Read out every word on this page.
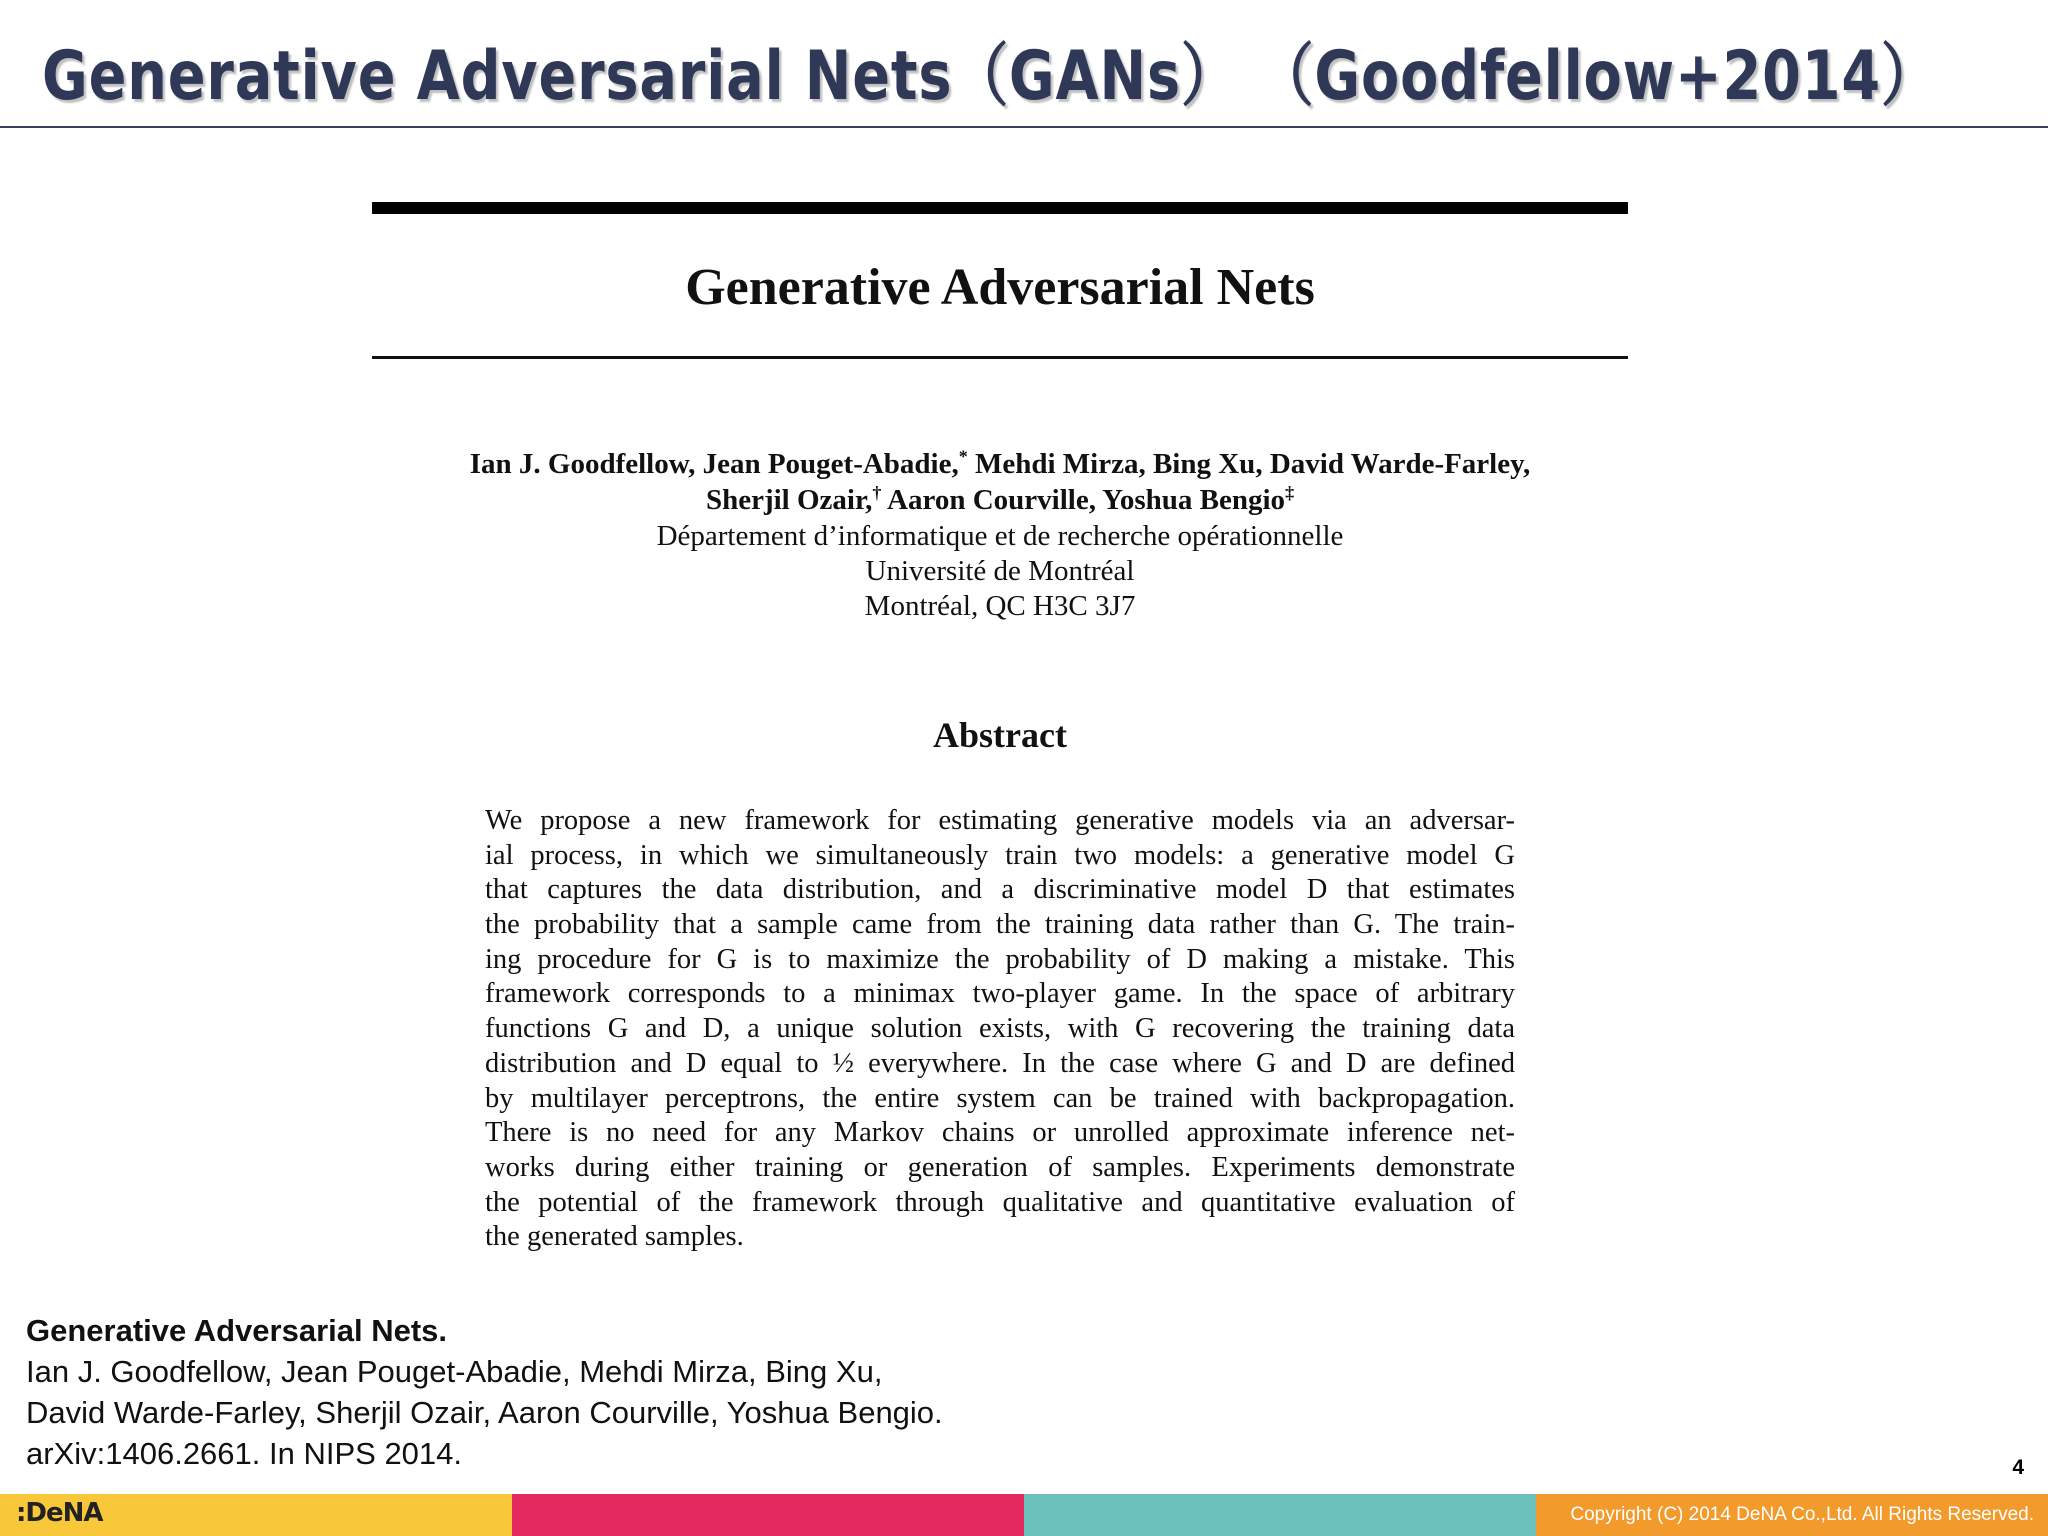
Generative Adversarial Nets（GANs） （Goodfellow+2014）
Generative Adversarial Nets
Ian J. Goodfellow, Jean Pouget-Abadie,* Mehdi Mirza, Bing Xu, David Warde-Farley,
Sherjil Ozair,† Aaron Courville, Yoshua Bengio‡
Département d’informatique et de recherche opérationnelle
Université de Montréal
Montréal, QC H3C 3J7
Abstract
We propose a new framework for estimating generative models via an adversar-
ial process, in which we simultaneously train two models: a generative model G
that captures the data distribution, and a discriminative model D that estimates
the probability that a sample came from the training data rather than G. The train-
ing procedure for G is to maximize the probability of D making a mistake. This
framework corresponds to a minimax two-player game. In the space of arbitrary
functions G and D, a unique solution exists, with G recovering the training data
distribution and D equal to ½ everywhere. In the case where G and D are defined
by multilayer perceptrons, the entire system can be trained with backpropagation.
There is no need for any Markov chains or unrolled approximate inference net-
works during either training or generation of samples. Experiments demonstrate
the potential of the framework through qualitative and quantitative evaluation of
the generated samples.
Generative Adversarial Nets.
Ian J. Goodfellow, Jean Pouget-Abadie, Mehdi Mirza, Bing Xu,
David Warde-Farley, Sherjil Ozair, Aaron Courville, Yoshua Bengio.
arXiv:1406.2661. In NIPS 2014.	4
:DeNA	Copyright (C) 2014 DeNA Co.,Ltd. All Rights Reserved.
